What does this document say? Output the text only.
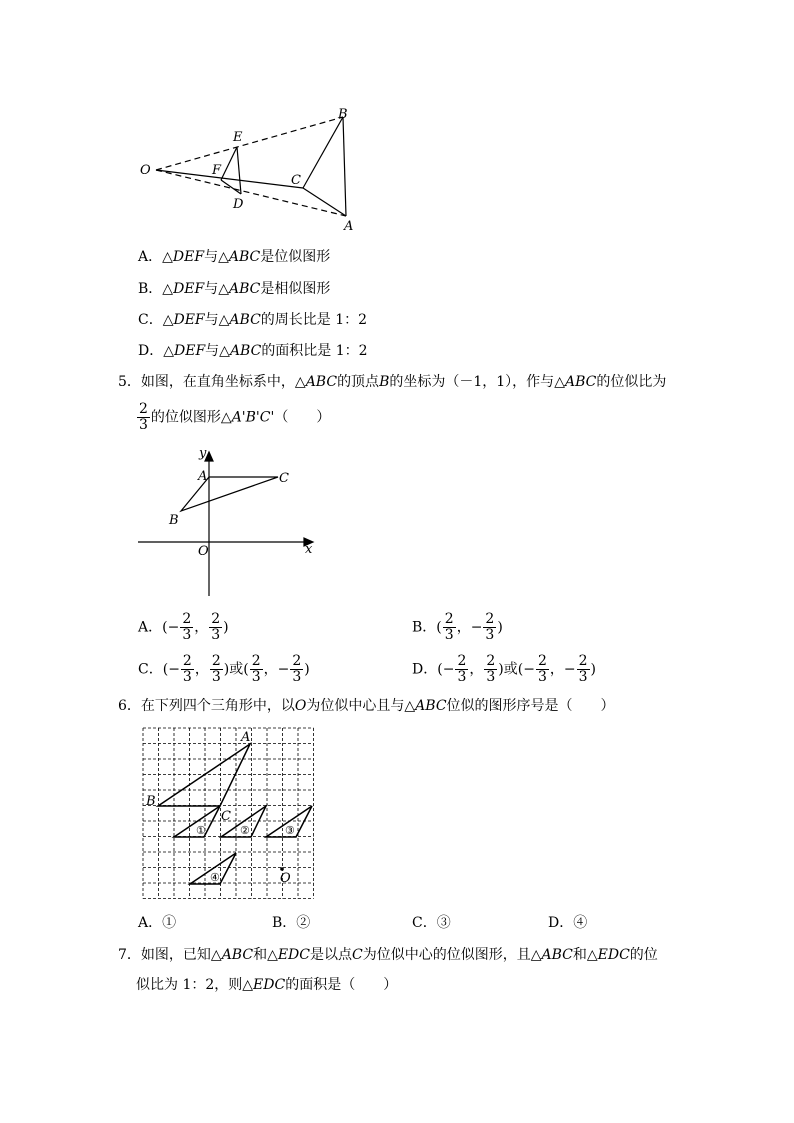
O
E
F
D
C
B
A
A．△DEF与△ABC是位似图形
B．△DEF与△ABC是相似图形
C．△DEF与△ABC的周长比是 1：2
D．△DEF与△ABC的面积比是 1：2
5．如图，在直角坐标系中，△ABC的顶点B的坐标为（－1，1），作与△ABC的位似比为
$\frac{2}{3}$ 的位似图形△A'B'C'（　　）
y
A	C
B
O	x
A．(− $\frac{2}{3}$ ， $\frac{2}{3}$ )	B．( $\frac{2}{3}$ ，− $\frac{2}{3}$ )
C．(− $\frac{2}{3}$ ， $\frac{2}{3}$ )或( $\frac{2}{3}$ ，− $\frac{2}{3}$ )	D．(− $\frac{2}{3}$ ， $\frac{2}{3}$ )或(− $\frac{2}{3}$ ，− $\frac{2}{3}$ )
6．在下列四个三角形中，以O为位似中心且与△ABC位似的图形序号是（　　）
A
B
C
O
①	②	③
④
A．①	B．②	C．③	D．④
7．如图，已知△ABC和△EDC是以点C为位似中心的位似图形，且△ABC和△EDC的位
似比为 1：2，则△EDC的面积是（　　）
